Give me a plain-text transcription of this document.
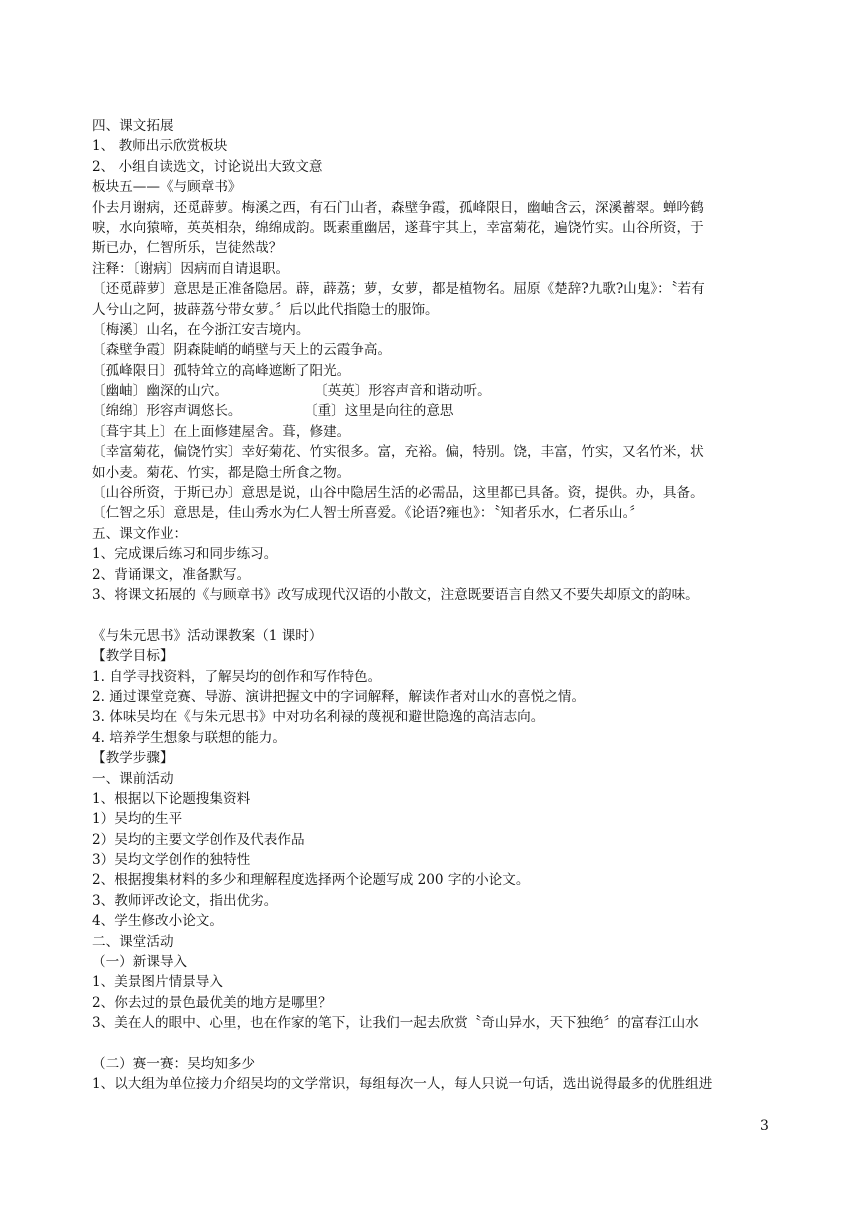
四、课文拓展
1、 教师出示欣赏板块
2、 小组自读选文，讨论说出大致文意
板块五——《与顾章书》
仆去月谢病，还觅薜萝。梅溪之西，有石门山者，森壁争霞，孤峰限日，幽岫含云，深溪蓄翠。蝉吟鹤
唳，水向猿啼，英英相杂，绵绵成韵。既素重幽居，遂葺宇其上，幸富菊花，遍饶竹实。山谷所资，于
斯已办，仁智所乐，岂徒然哉？
注释：〔谢病〕因病而自请退职。
〔还觅薜萝〕意思是正准备隐居。薜，薜荔；萝，女萝，都是植物名。屈原《楚辞?九歌?山鬼》：〝若有
人兮山之阿，披薜荔兮带女萝。〞后以此代指隐士的服饰。
〔梅溪〕山名，在今浙江安吉境内。
〔森壁争霞〕阴森陡峭的峭壁与天上的云霞争高。
〔孤峰限日〕孤特耸立的高峰遮断了阳光。
〔幽岫〕幽深的山穴。	〔英英〕形容声音和谐动听。
〔绵绵〕形容声调悠长。	〔重〕这里是向往的意思
〔葺宇其上〕在上面修建屋舍。葺，修建。
〔幸富菊花，偏饶竹实〕幸好菊花、竹实很多。富，充裕。偏，特别。饶，丰富，竹实，又名竹米，状
如小麦。菊花、竹实，都是隐士所食之物。
〔山谷所资，于斯已办〕意思是说，山谷中隐居生活的必需品，这里都已具备。资，提供。办，具备。
〔仁智之乐〕意思是，佳山秀水为仁人智士所喜爱。《论语?雍也》：〝知者乐水，仁者乐山。〞
五、课文作业：
1、完成课后练习和同步练习。
2、背诵课文，准备默写。
3、将课文拓展的《与顾章书》改写成现代汉语的小散文，注意既要语言自然又不要失却原文的韵味。
《与朱元思书》活动课教案（1 课时）
【教学目标】
1. 自学寻找资料，了解吴均的创作和写作特色。
2. 通过课堂竞赛、导游、演讲把握文中的字词解释，解读作者对山水的喜悦之情。
3. 体味吴均在《与朱元思书》中对功名利禄的蔑视和避世隐逸的高洁志向。
4. 培养学生想象与联想的能力。
【教学步骤】
一、课前活动
1、根据以下论题搜集资料
1）吴均的生平
2）吴均的主要文学创作及代表作品
3）吴均文学创作的独特性
2、根据搜集材料的多少和理解程度选择两个论题写成 200 字的小论文。
3、教师评改论文，指出优劣。
4、学生修改小论文。
二、课堂活动
（一）新课导入
1、美景图片情景导入
2、你去过的景色最优美的地方是哪里？
3、美在人的眼中、心里，也在作家的笔下，让我们一起去欣赏〝奇山异水，天下独绝〞的富春江山水
（二）赛一赛：吴均知多少
1、以大组为单位接力介绍吴均的文学常识，每组每次一人，每人只说一句话，选出说得最多的优胜组进
3
